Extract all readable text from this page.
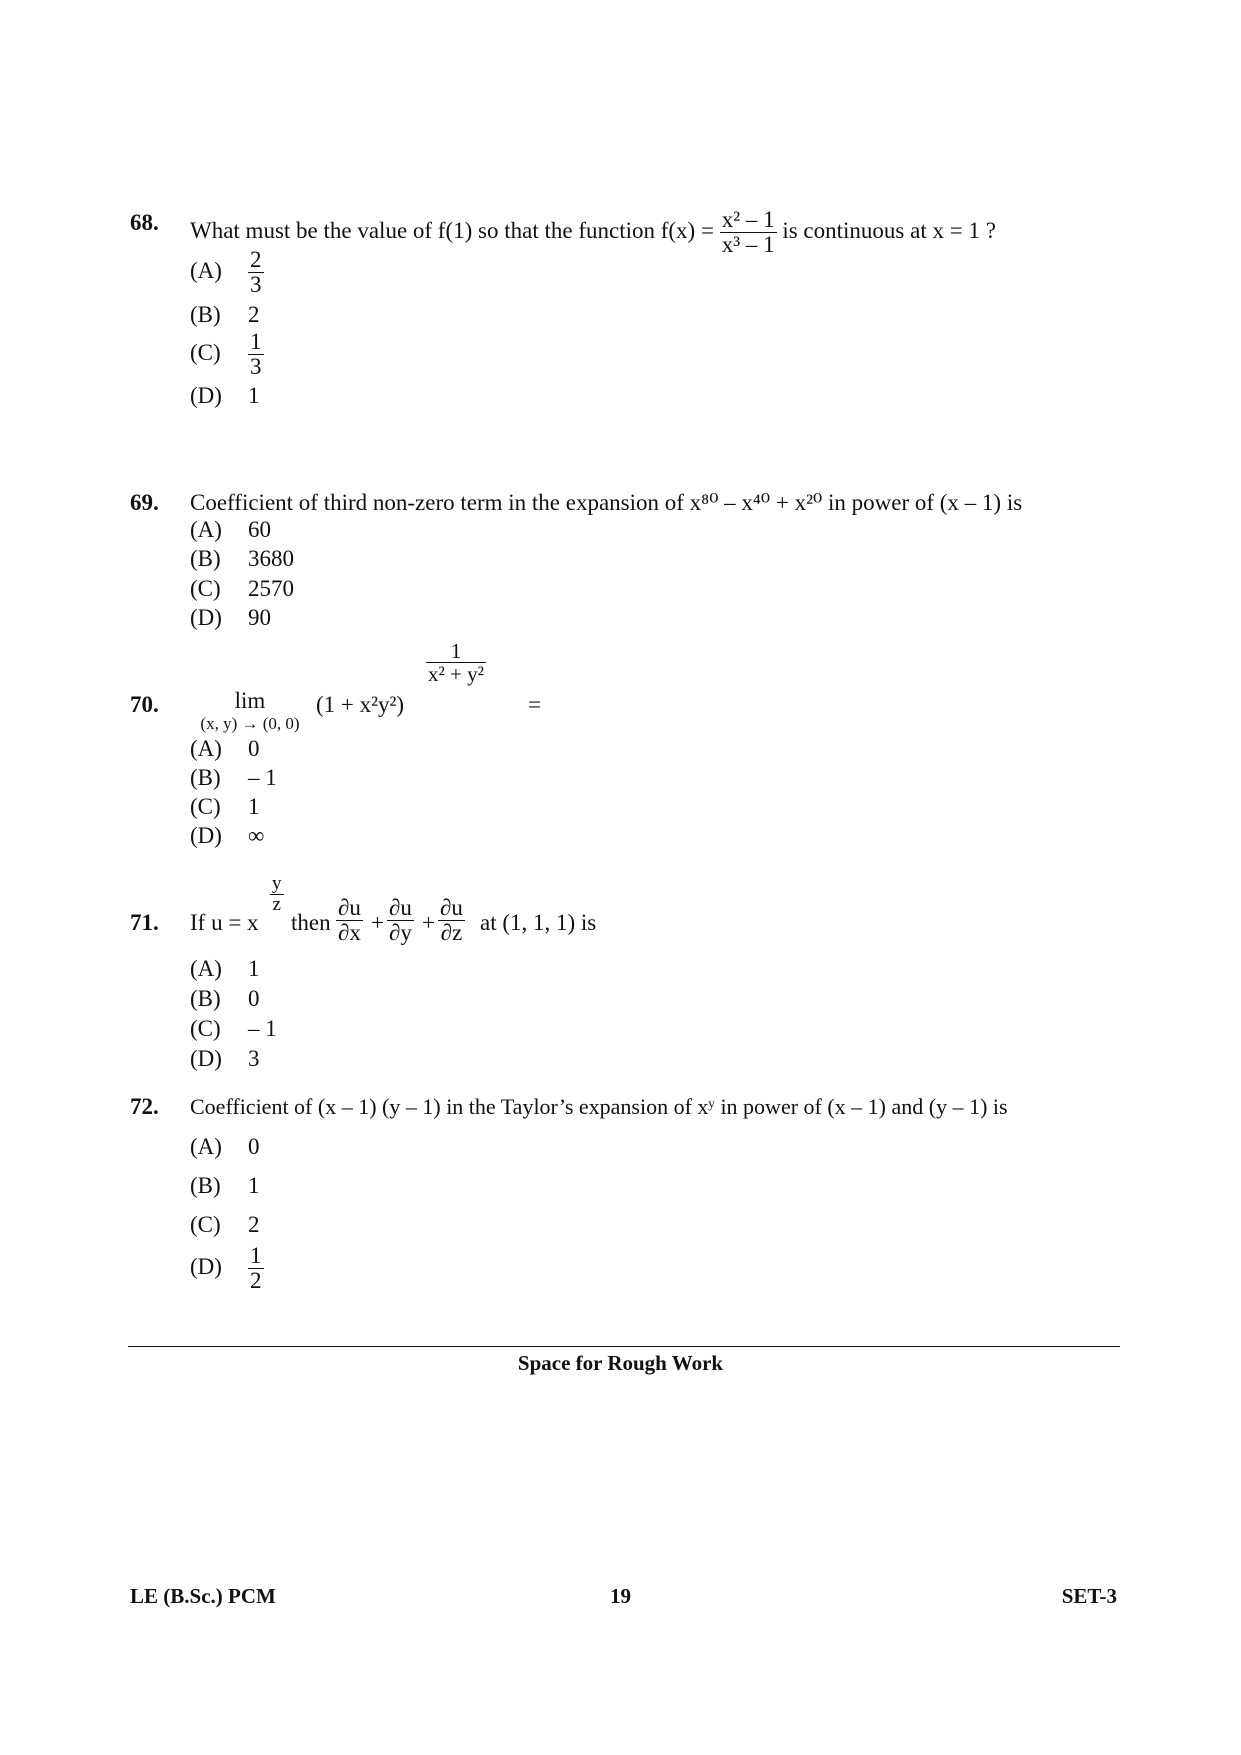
68. What must be the value of f(1) so that the function $f(x) = \frac{\text{x² – 1}}{\text{x³ – 1}}$ is continuous at x = 1 ?
$(A) \frac{2}{3}$
(B) 2
$(C) \frac{1}{3}$
(D) 1
69. Coefficient of third non-zero term in the expansion of x⁸⁰ – x⁴⁰ + x²⁰ in power of (x – 1) is
(A) 60
(B) 3680
(C) 2570
(D) 90
70.	lim
(x, y) → (0, 0)
(1 + x²y²)
$\frac{1}{\text{x² + y²}}$
=
(A) 0
(B) – 1
(C) 1
(D) ∞
71. If u = x
$\frac{y}{z}$
then $\frac{\partial u}{\partial x} + \frac{\partial u}{\partial y} + \frac{\partial u}{\partial z}$ at (1, 1, 1) is
(A) 1
(B) 0
(C) – 1
(D) 3
72. Coefficient of (x – 1) (y – 1) in the Taylor’s expansion of xʸ in power of (x – 1) and (y – 1) is
(A) 0
(B) 1
(C) 2
$(D) \frac{1}{2}$
Space for Rough Work
LE (B.Sc.) PCM	19	SET-3
